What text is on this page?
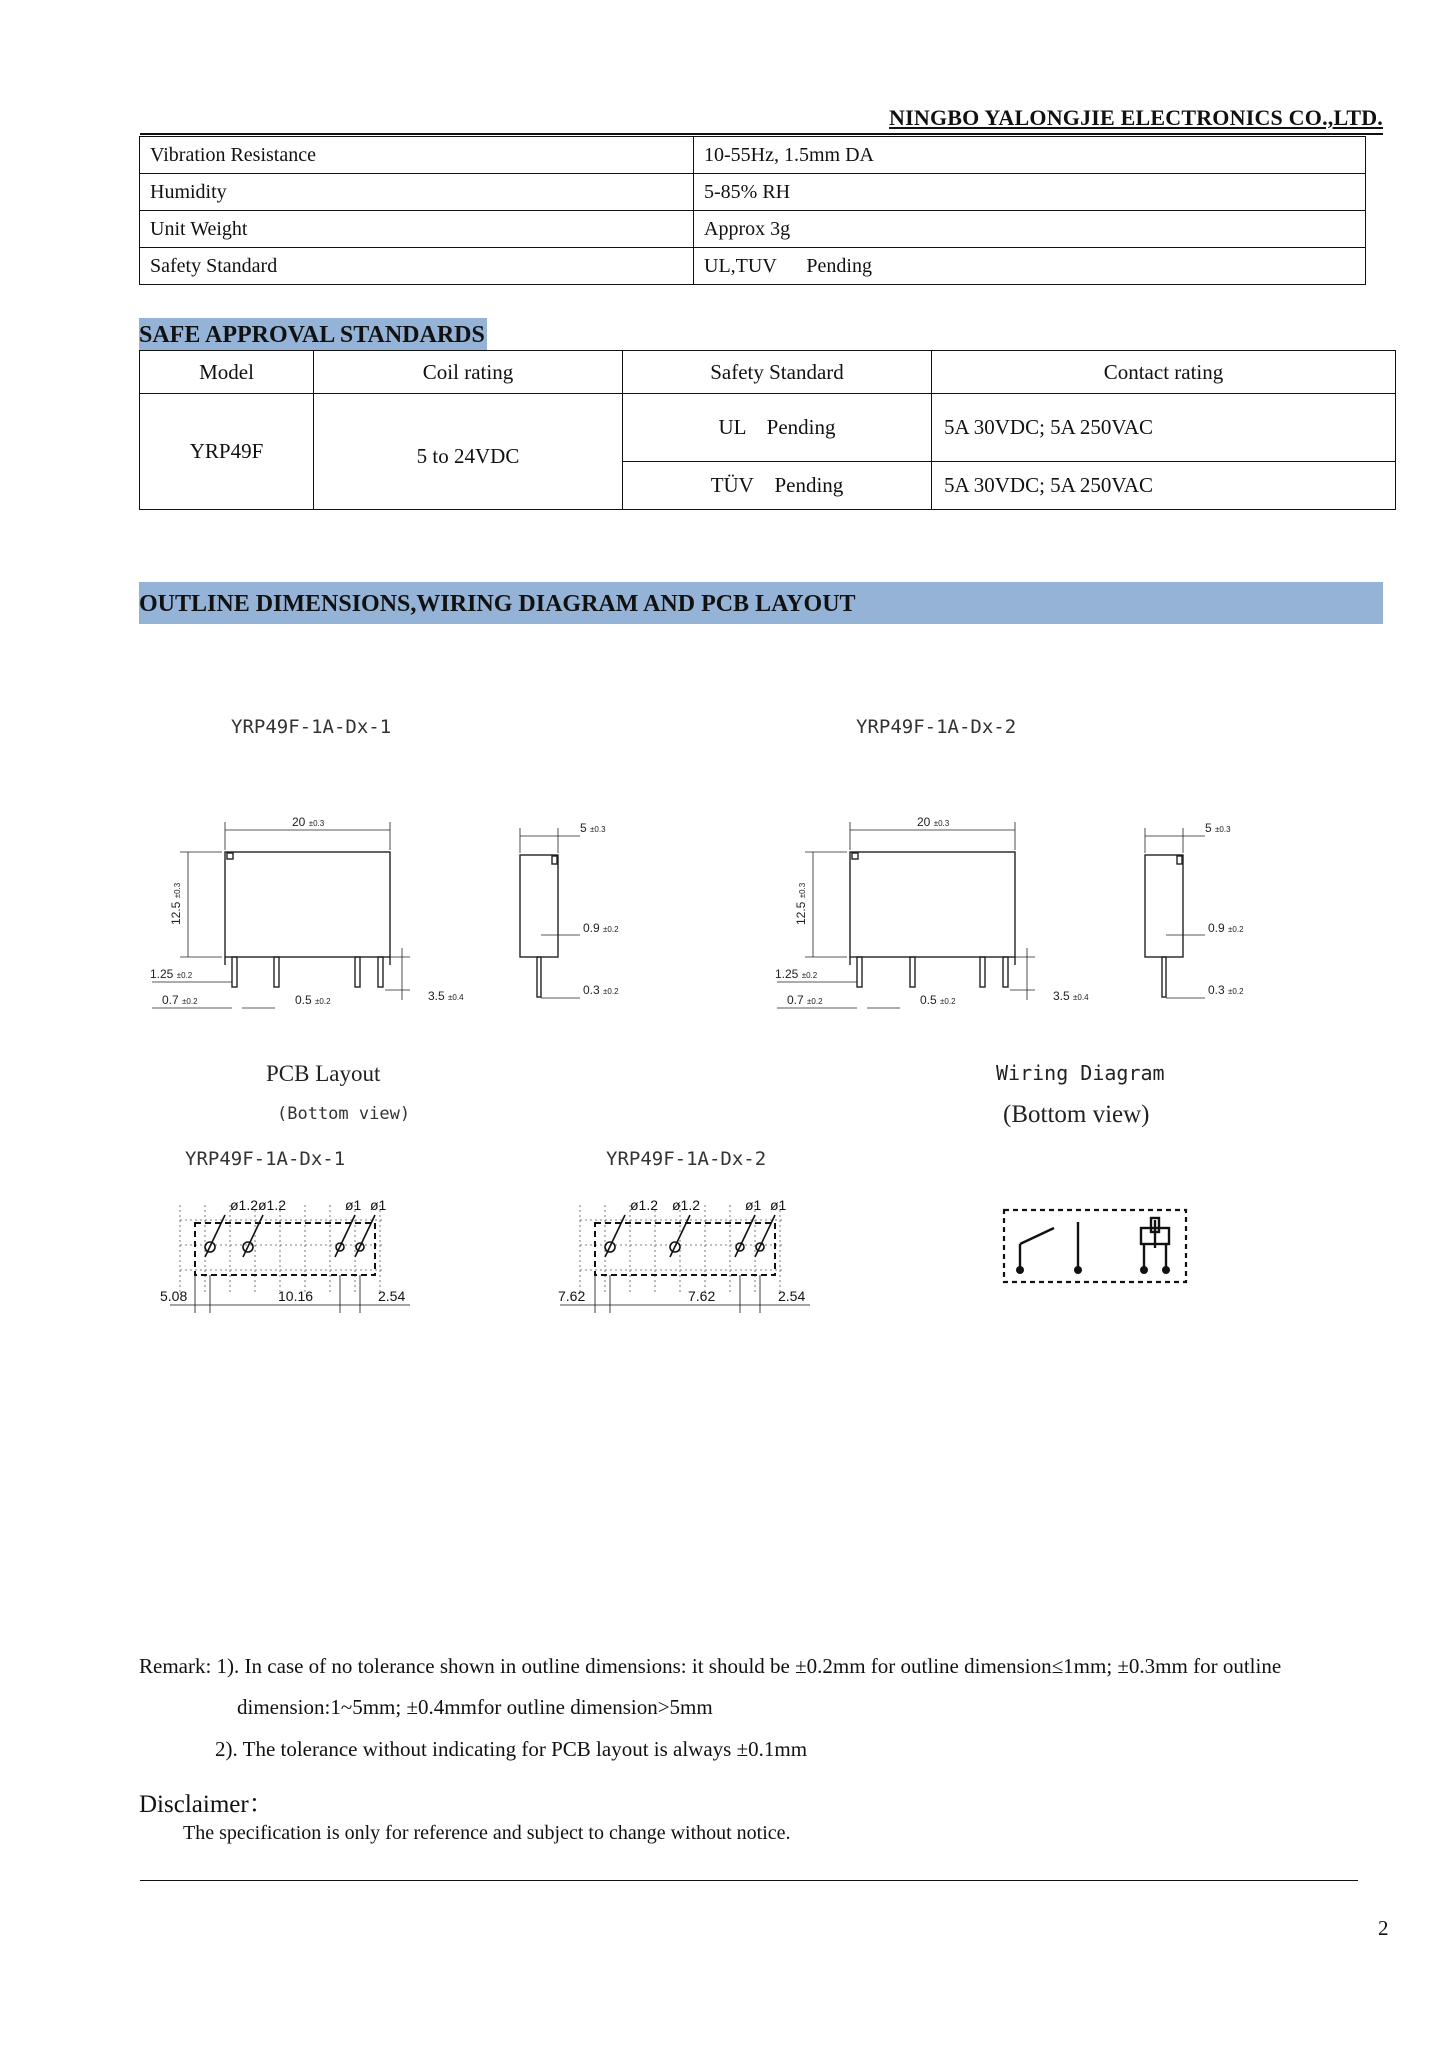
NINGBO YALONGJIE ELECTRONICS CO.,LTD.
Vibration Resistance	10-55Hz, 1.5mm DA
Humidity	5-85% RH
Unit Weight	Approx 3g
Safety Standard	UL,TUV      Pending
SAFE APPROVAL STANDARDS
Model	Coil rating	Safety Standard	Contact rating
YRP49F	5 to 24VDC	UL    Pending	5A 30VDC; 5A 250VAC
		TÜV    Pending	5A 30VDC; 5A 250VAC
OUTLINE DIMENSIONS,WIRING DIAGRAM AND PCB LAYOUT
YRP49F-1A-Dx-1	YRP49F-1A-Dx-2
20 ±0.3
12.5 ±0.3
1.25 ±0.2
0.7 ±0.2	0.5 ±0.2	3.5 ±0.4
5 ±0.3
0.9 ±0.2
0.3 ±0.2
20 ±0.3
12.5 ±0.3
1.25 ±0.2
0.7 ±0.2	0.5 ±0.2	3.5 ±0.4
5 ±0.3
0.9 ±0.2
0.3 ±0.2
PCB Layout
(Bottom view)
Wiring Diagram
(Bottom view)
YRP49F-1A-Dx-1	YRP49F-1A-Dx-2
ø1.2 ø1.2	ø1 ø1
5.08	10.16	2.54
ø1.2 ø1.2	ø1 ø1
7.62	7.62	2.54
Remark: 1). In case of no tolerance shown in outline dimensions: it should be ±0.2mm for outline dimension≤1mm; ±0.3mm for outline
dimension:1~5mm; ±0.4mmfor outline dimension>5mm
2). The tolerance without indicating for PCB layout is always ±0.1mm
Disclaimer：
The specification is only for reference and subject to change without notice.
2
